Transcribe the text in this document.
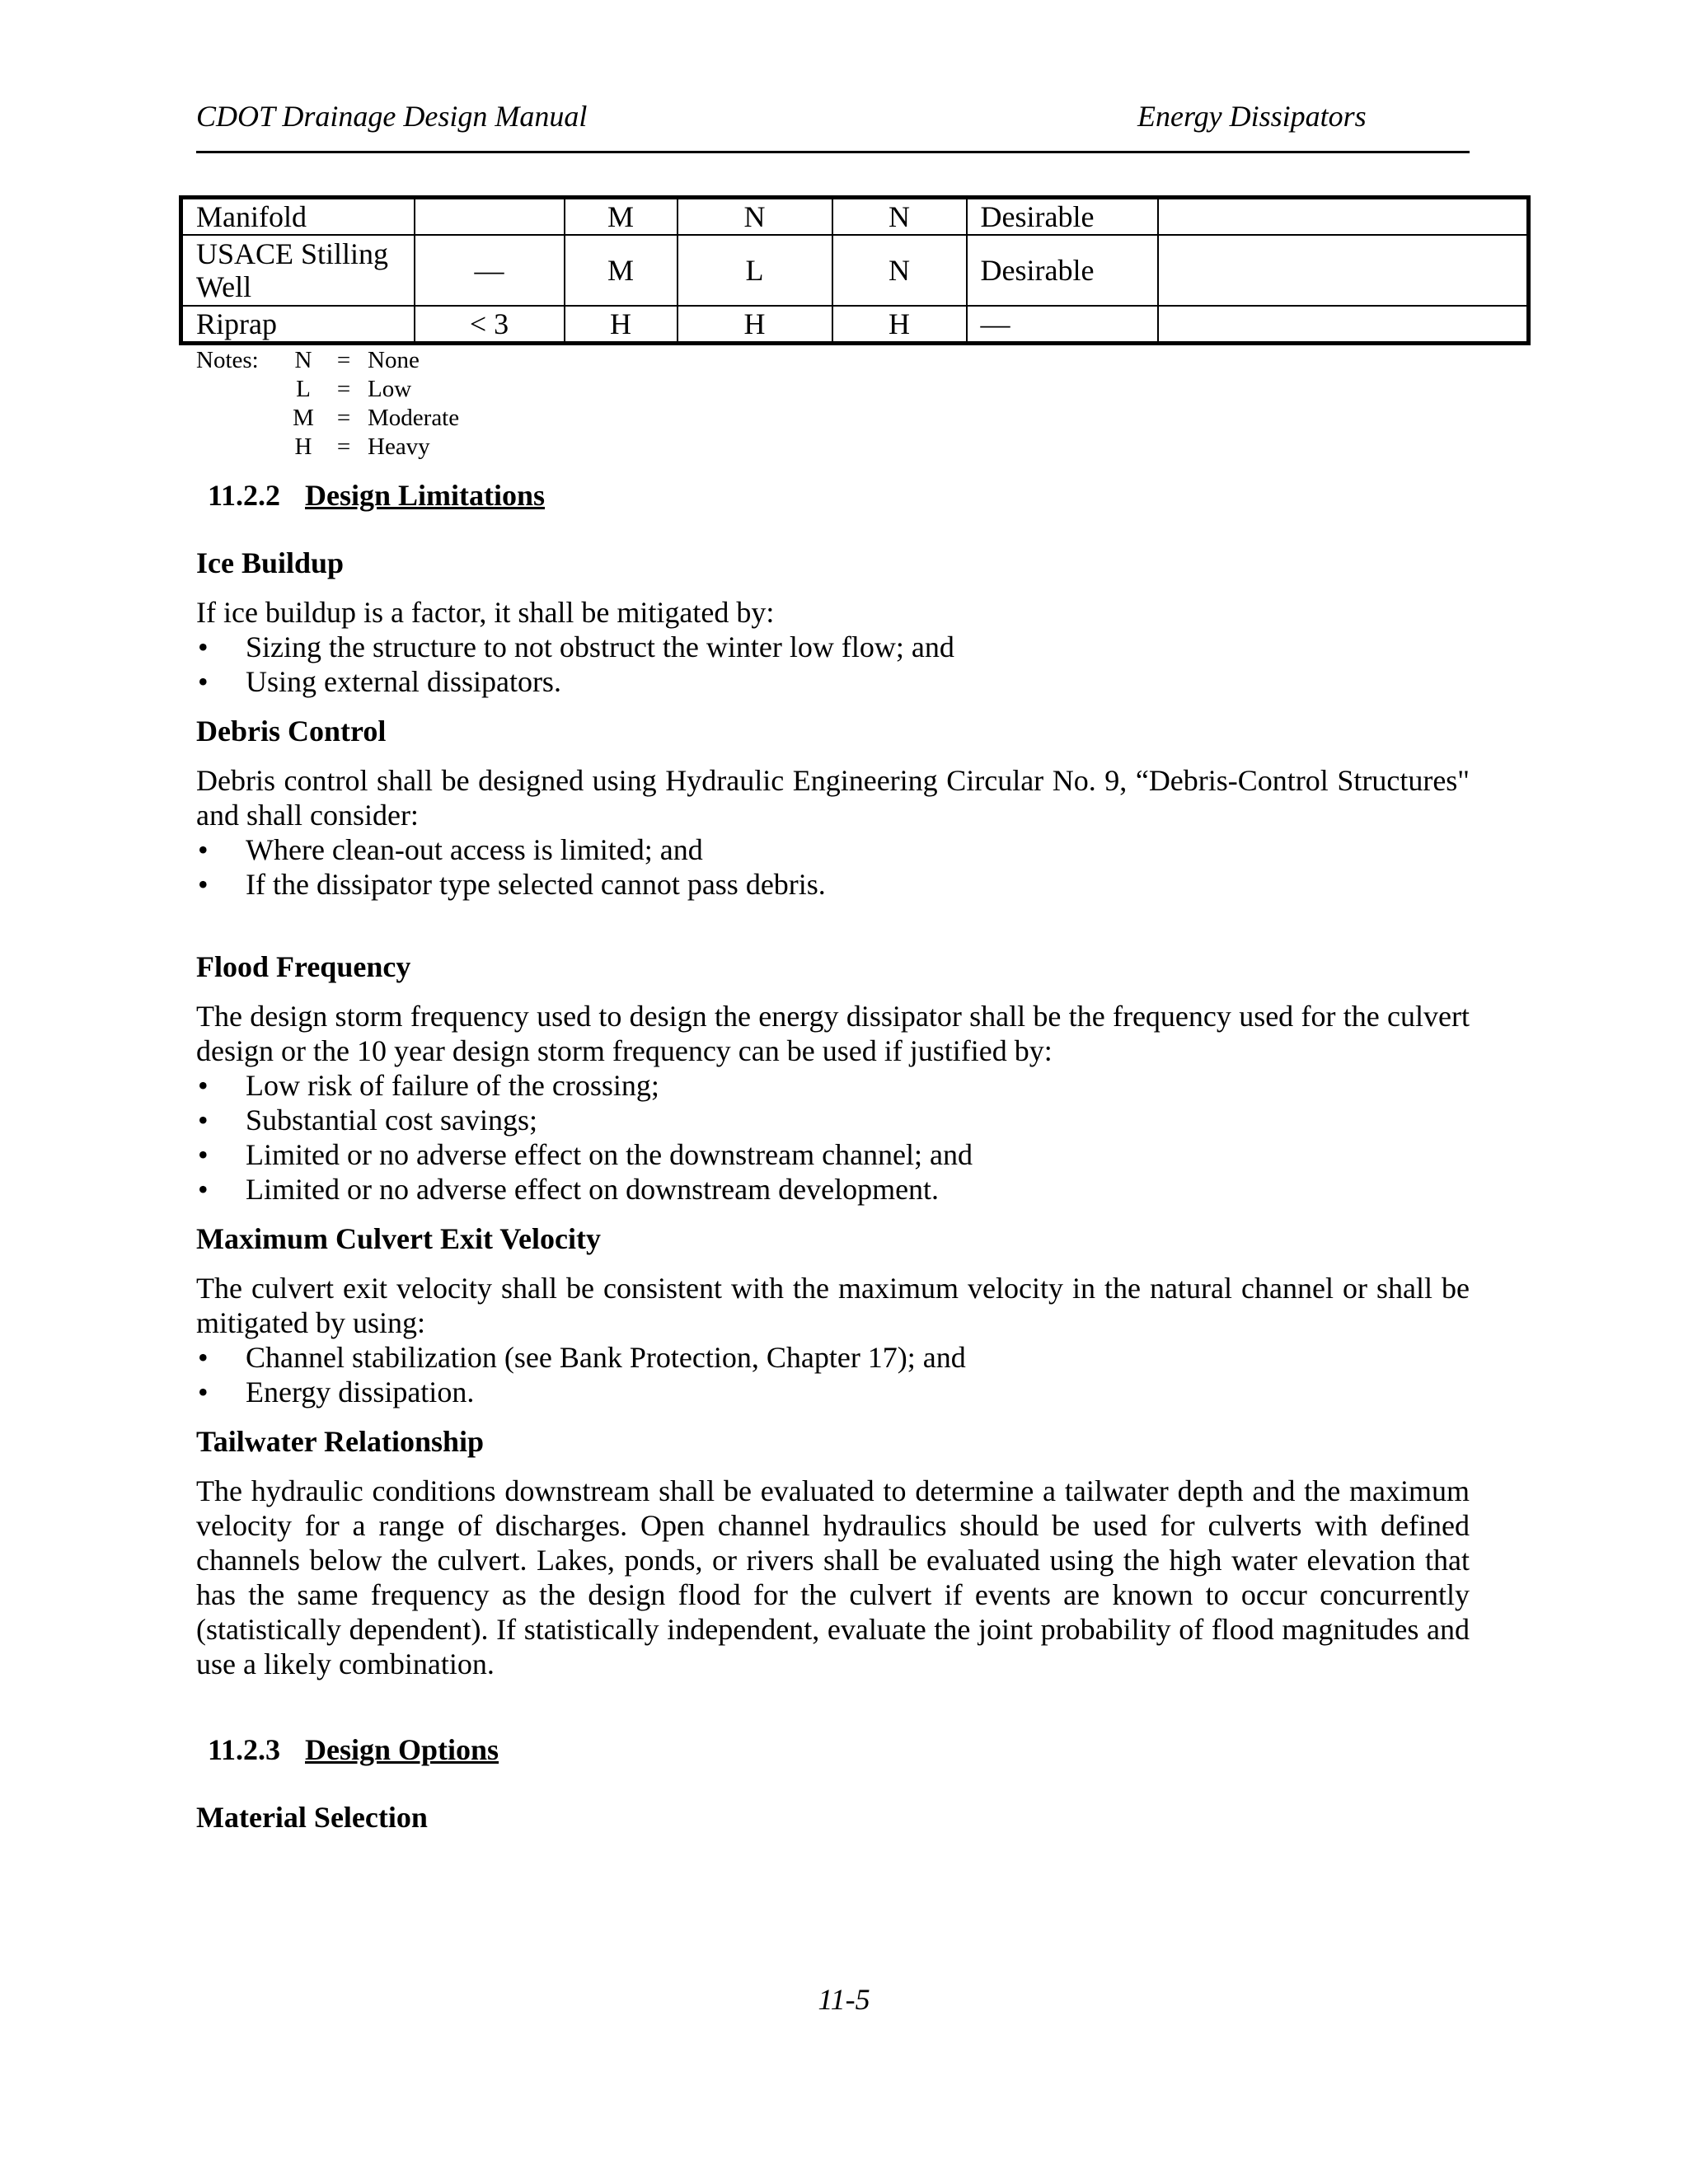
CDOT Drainage Design Manual	Energy Dissipators
Manifold		M	N	N	Desirable	
USACE Stilling Well	—	M	L	N	Desirable	
Riprap	< 3	H	H	H	—	
Notes:	N	= None
L	= Low
M = Moderate
H	= Heavy
11.2.2 Design Limitations
Ice Buildup

If ice buildup is a factor, it shall be mitigated by:

• Sizing the structure to not obstruct the winter low flow; and
• Using external dissipators.
Debris Control

Debris control shall be designed using Hydraulic Engineering Circular No. 9, “Debris-Control Structures" and shall consider:

• Where clean-out access is limited; and
• If the dissipator type selected cannot pass debris.
Flood Frequency

The design storm frequency used to design the energy dissipator shall be the frequency used for the culvert design or the 10 year design storm frequency can be used if justified by:

• Low risk of failure of the crossing;
• Substantial cost savings;
• Limited or no adverse effect on the downstream channel; and
• Limited or no adverse effect on downstream development.
Maximum Culvert Exit Velocity

The culvert exit velocity shall be consistent with the maximum velocity in the natural channel or shall be mitigated by using:

• Channel stabilization (see Bank Protection, Chapter 17); and
• Energy dissipation.
Tailwater Relationship

The hydraulic conditions downstream shall be evaluated to determine a tailwater depth and the maximum velocity for a range of discharges. Open channel hydraulics should be used for culverts with defined channels below the culvert. Lakes, ponds, or rivers shall be evaluated using the high water elevation that has the same frequency as the design flood for the culvert if events are known to occur concurrently (statistically dependent). If statistically independent, evaluate the joint probability of flood magnitudes and use a likely combination.

11.2.3 Design Options
Material Selection
11-5
